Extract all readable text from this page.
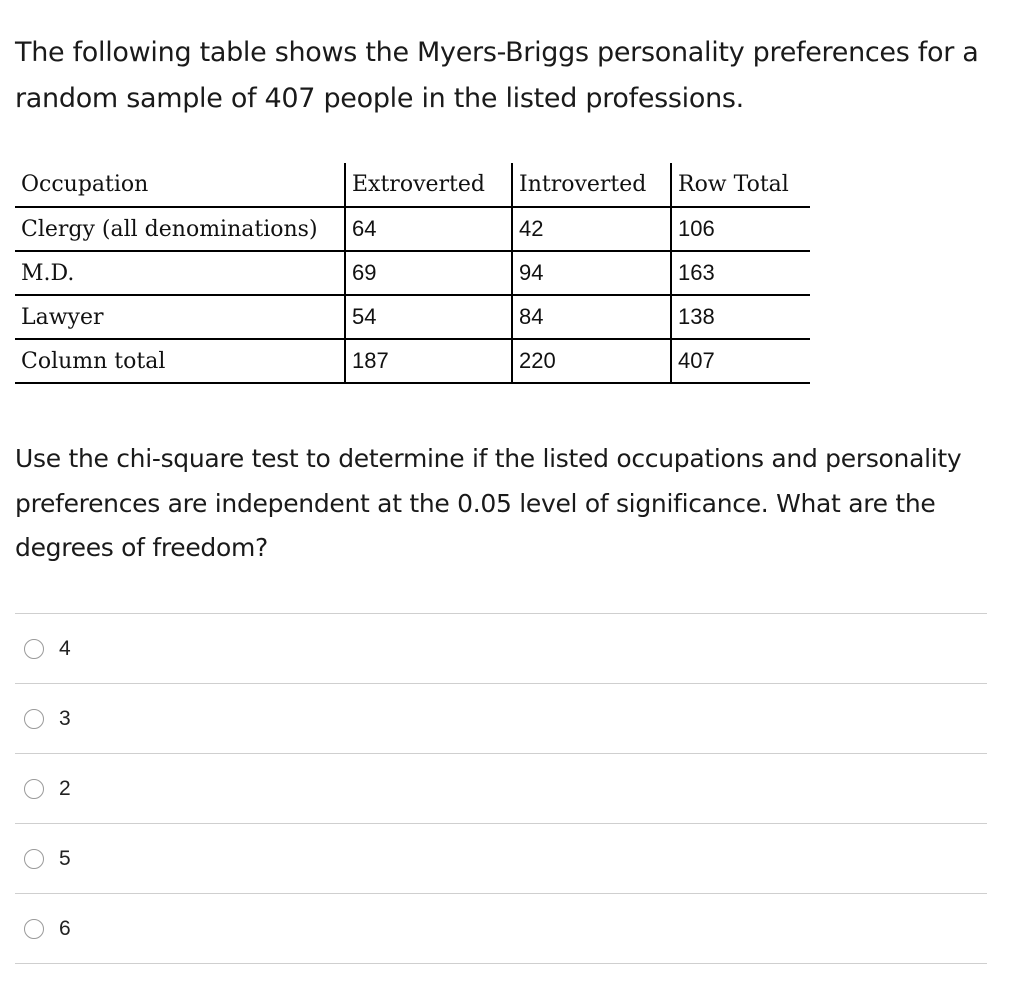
The following table shows the Myers-Briggs personality preferences for a random sample of 407 people in the listed professions.

Occupation	Extroverted	Introverted	Row Total
Clergy (all denominations)	64	42	106
M.D.	69	94	163
Lawyer	54	84	138
Column total	187	220	407

Use the chi-square test to determine if the listed occupations and personality preferences are independent at the 0.05 level of significance. What are the degrees of freedom?

4
3
2
5
6
